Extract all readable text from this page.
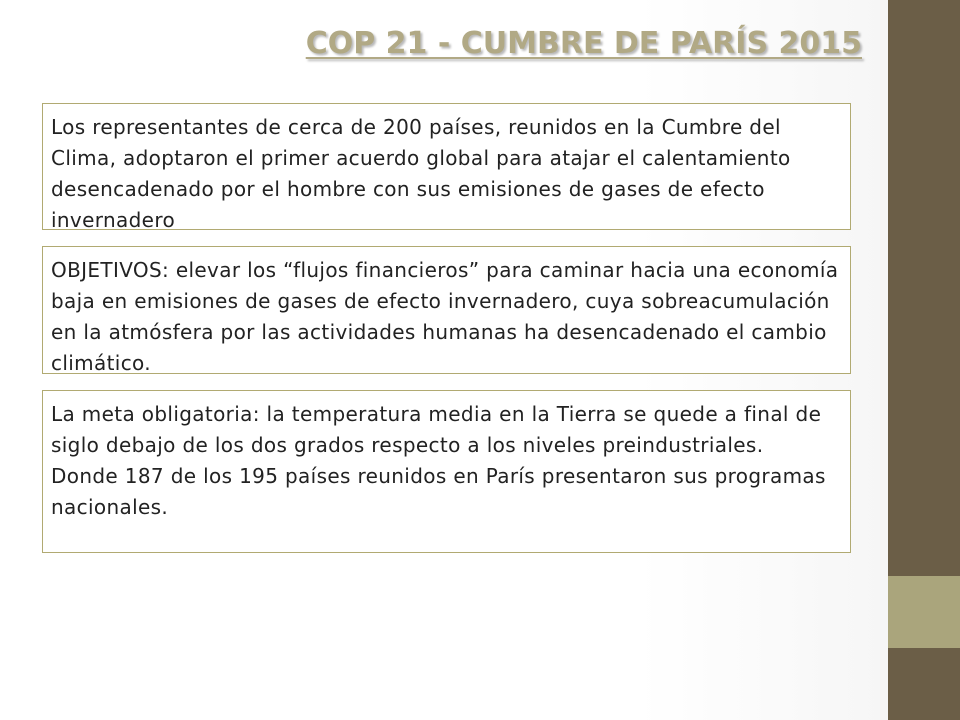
COP 21 - CUMBRE DE PARÍS 2015
Los representantes de cerca de 200 países, reunidos en la Cumbre del Clima, adoptaron el primer acuerdo global para atajar el calentamiento desencadenado por el hombre con sus emisiones de gases de efecto invernadero
OBJETIVOS: elevar los “flujos financieros” para caminar hacia una economía baja en emisiones de gases de efecto invernadero, cuya sobreacumulación en la atmósfera por las actividades humanas ha desencadenado el cambio climático.
La meta obligatoria: la temperatura media en la Tierra se quede a final de siglo debajo de los dos grados respecto a los niveles preindustriales.
Donde 187 de los 195 países reunidos en París presentaron sus programas nacionales.
